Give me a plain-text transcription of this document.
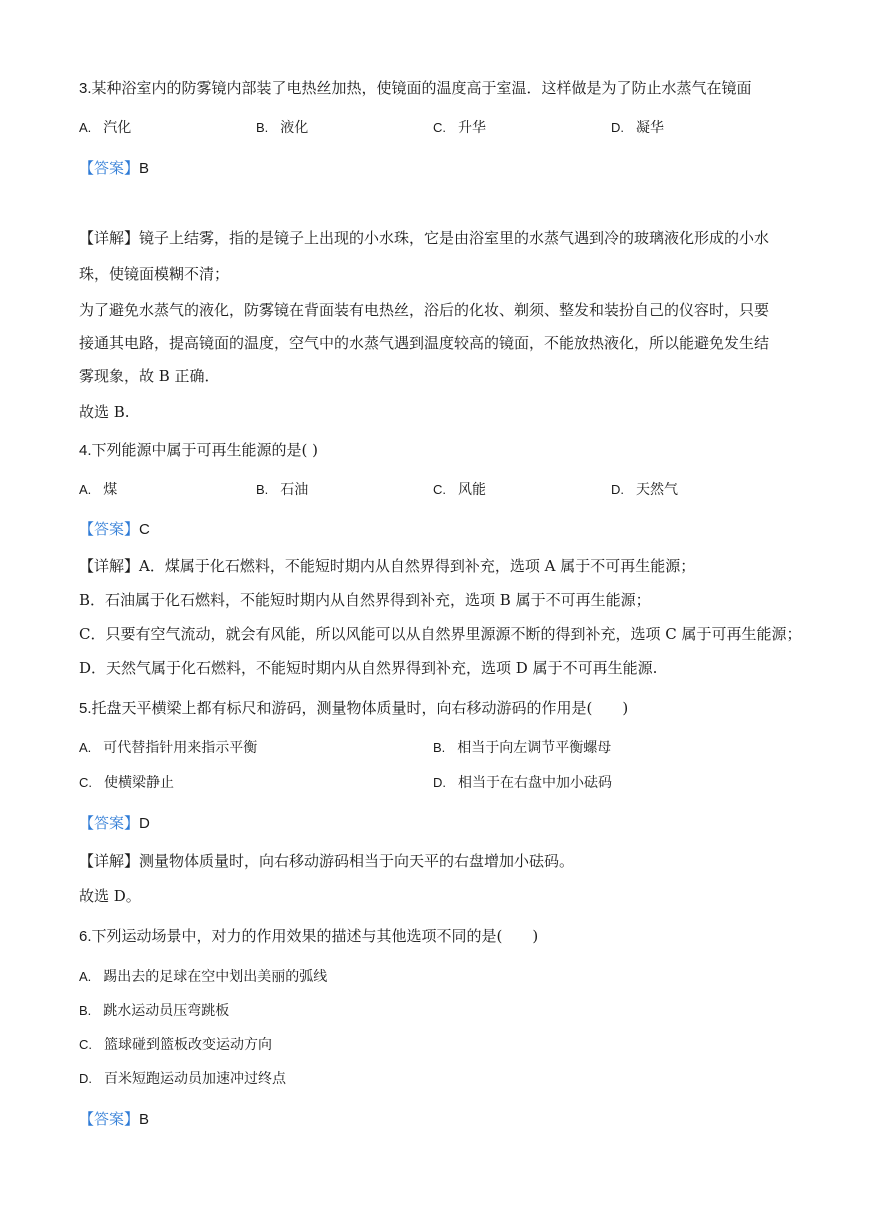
3.某种浴室内的防雾镜内部装了电热丝加热，使镜面的温度高于室温．这样做是为了防止水蒸气在镜面
A. 汽化	B. 液化	C. 升华	D. 凝华
【答案】B
【详解】镜子上结雾，指的是镜子上出现的小水珠，它是由浴室里的水蒸气遇到冷的玻璃液化形成的小水
珠，使镜面模糊不清；
为了避免水蒸气的液化，防雾镜在背面装有电热丝，浴后的化妆、剃须、整发和装扮自己的仪容时，只要
接通其电路，提高镜面的温度，空气中的水蒸气遇到温度较高的镜面，不能放热液化，所以能避免发生结
雾现象，故 B 正确．
故选 B.
4.下列能源中属于可再生能源的是( )
A. 煤	B. 石油	C. 风能	D. 天然气
【答案】C
【详解】A．煤属于化石燃料，不能短时期内从自然界得到补充，选项 A 属于不可再生能源；
B．石油属于化石燃料，不能短时期内从自然界得到补充，选项 B 属于不可再生能源；
C．只要有空气流动，就会有风能，所以风能可以从自然界里源源不断的得到补充，选项 C 属于可再生能源；
D．天然气属于化石燃料，不能短时期内从自然界得到补充，选项 D 属于不可再生能源.
5.托盘天平横梁上都有标尺和游码，测量物体质量时，向右移动游码的作用是(　　)
A. 可代替指针用来指示平衡	B. 相当于向左调节平衡螺母
C. 使横梁静止	D. 相当于在右盘中加小砝码
【答案】D
【详解】测量物体质量时，向右移动游码相当于向天平的右盘增加小砝码。
故选 D。
6.下列运动场景中，对力的作用效果的描述与其他选项不同的是(　　)
A. 踢出去的足球在空中划出美丽的弧线
B. 跳水运动员压弯跳板
C. 篮球碰到篮板改变运动方向
D. 百米短跑运动员加速冲过终点
【答案】B
